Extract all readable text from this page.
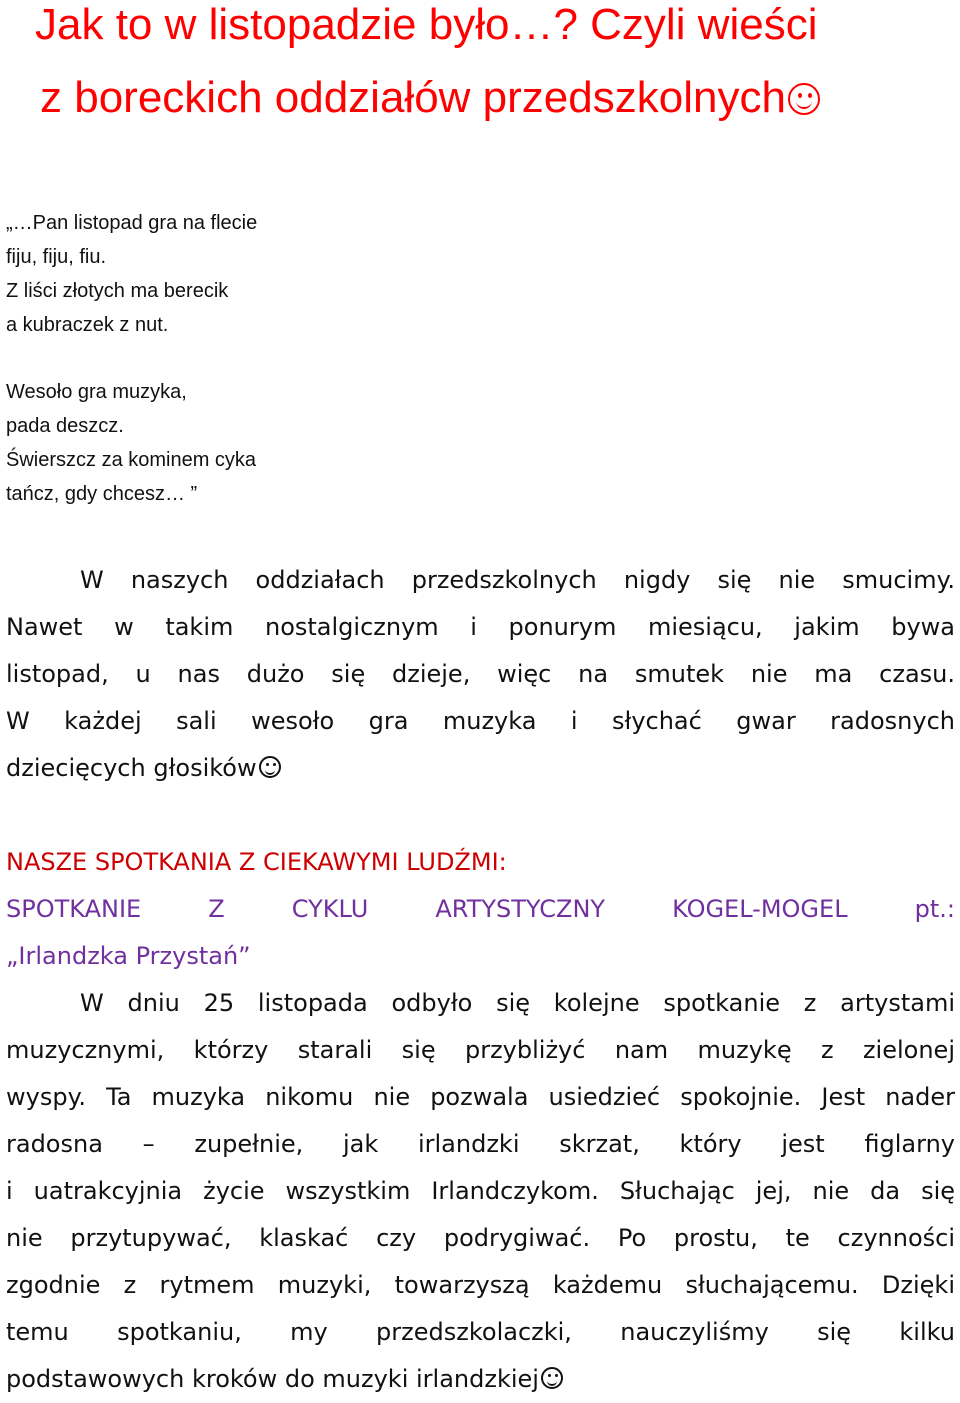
Jak to w listopadzie było…? Czyli wieści
z boreckich oddziałów przedszkolnych
„…Pan listopad gra na flecie
fiju, fiju, fiu.
Z liści złotych ma berecik
a kubraczek z nut.
Wesoło gra muzyka,
pada deszcz.
Świerszcz za kominem cyka
tańcz, gdy chcesz… ”
W naszych oddziałach przedszkolnych nigdy się nie smucimy.
Nawet w takim nostalgicznym i ponurym miesiącu, jakim bywa
listopad, u nas dużo się dzieje, więc na smutek nie ma czasu.
W każdej sali wesoło gra muzyka i słychać gwar radosnych
dziecięcych głosików
NASZE SPOTKANIA Z CIEKAWYMI LUDŹMI:
SPOTKANIE Z CYKLU ARTYSTYCZNY KOGEL-MOGEL pt.:
„Irlandzka Przystań”
W dniu 25 listopada odbyło się kolejne spotkanie z artystami
muzycznymi, którzy starali się przybliżyć nam muzykę z zielonej
wyspy. Ta muzyka nikomu nie pozwala usiedzieć spokojnie. Jest nader
radosna – zupełnie, jak irlandzki skrzat, który jest figlarny
i uatrakcyjnia życie wszystkim Irlandczykom. Słuchając jej, nie da się
nie przytupywać, klaskać czy podrygiwać. Po prostu, te czynności
zgodnie z rytmem muzyki, towarzyszą każdemu słuchającemu. Dzięki
temu spotkaniu, my przedszkolaczki, nauczyliśmy się kilku
podstawowych kroków do muzyki irlandzkiej
